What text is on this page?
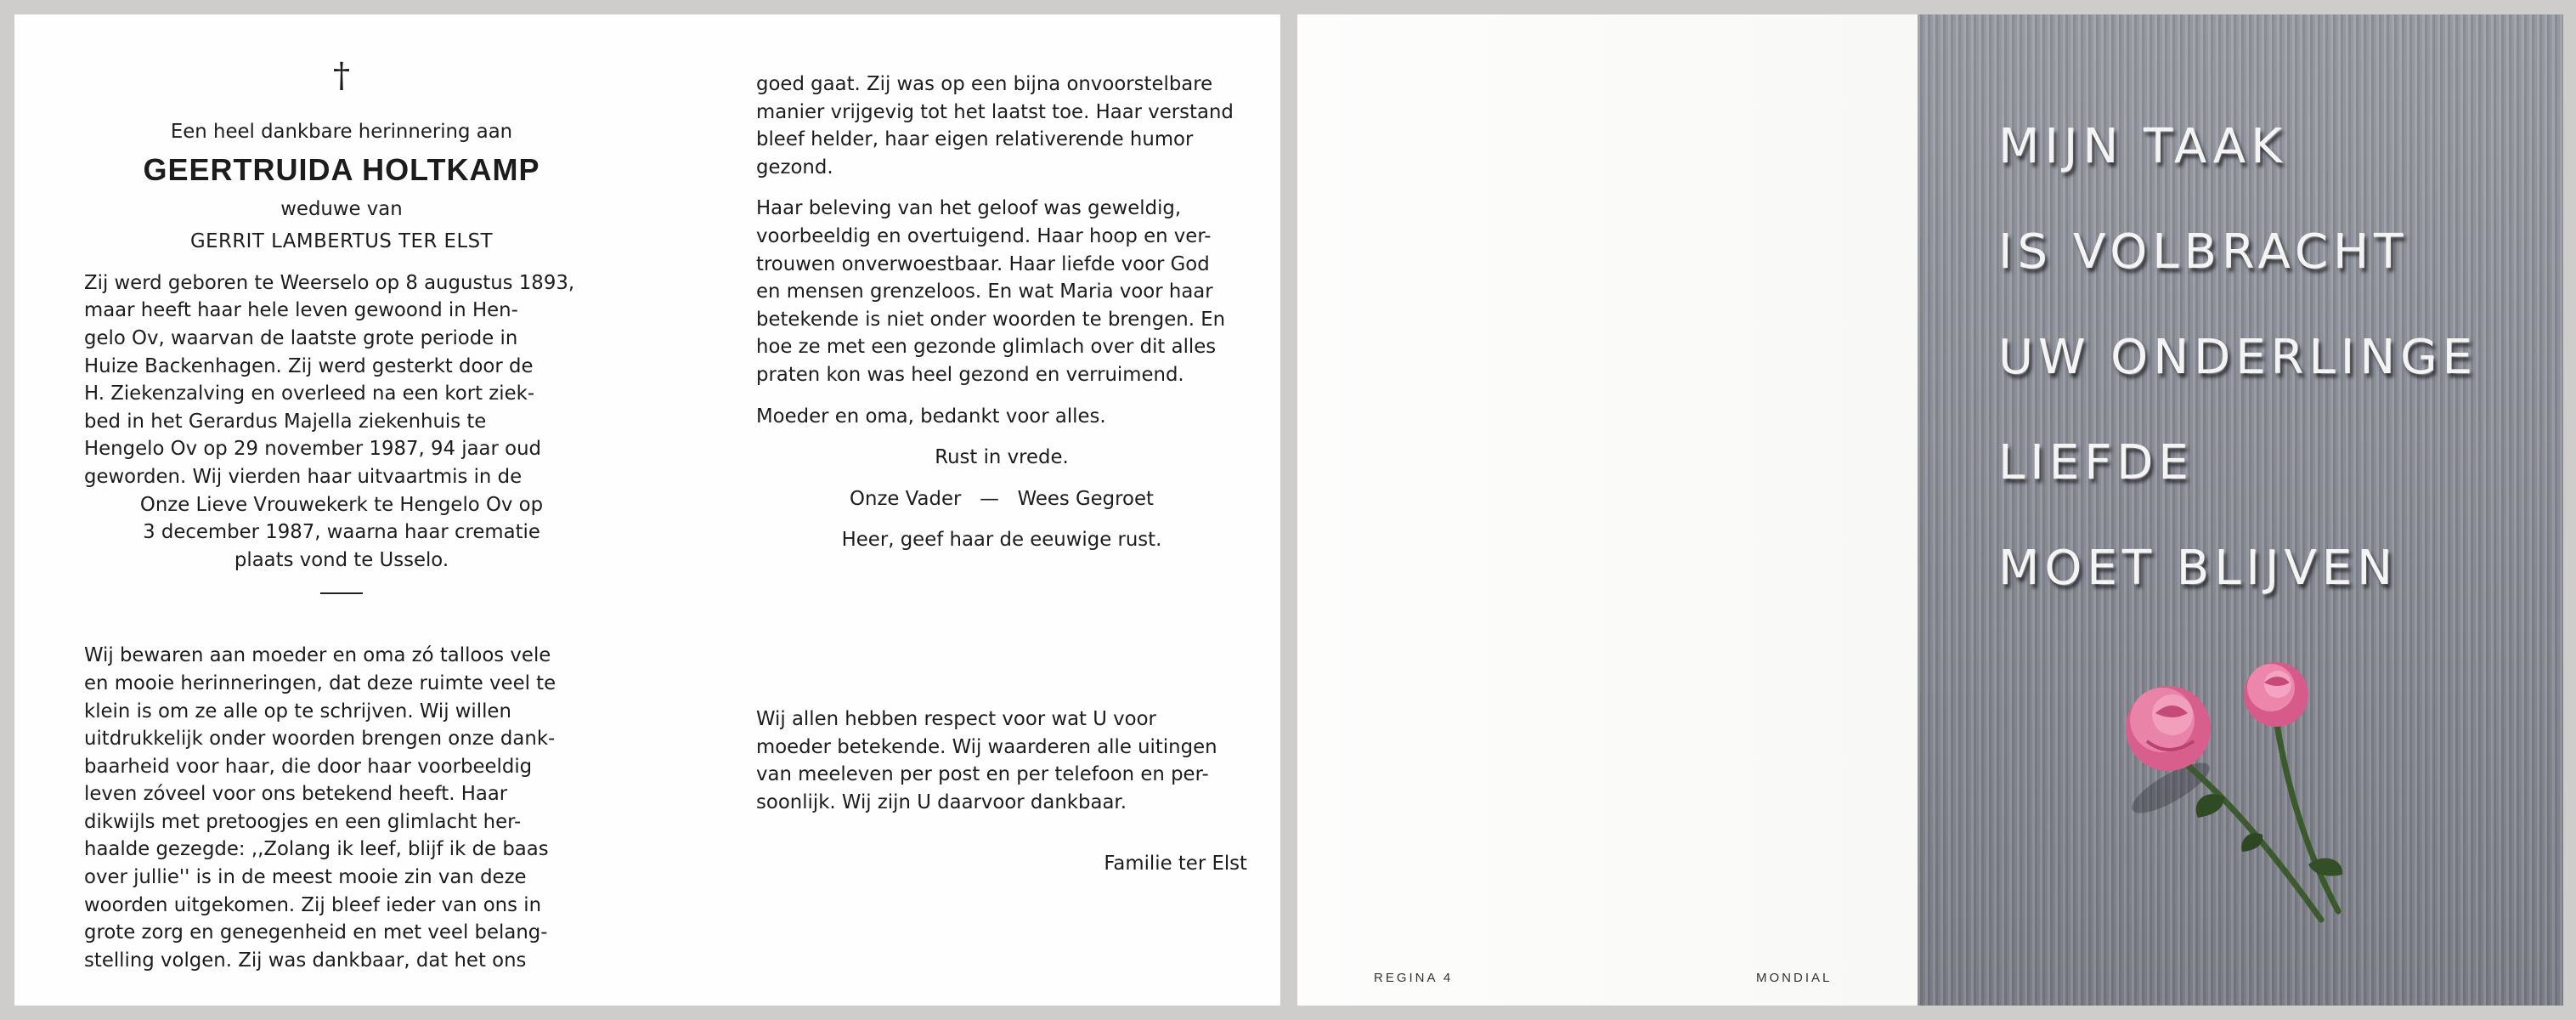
†

Een heel dankbare herinnering aan

GEERTRUIDA HOLTKAMP

weduwe van

GERRIT LAMBERTUS TER ELST

Zij werd geboren te Weerselo op 8 augustus 1893,

maar heeft haar hele leven gewoond in Hen-

gelo Ov, waarvan de laatste grote periode in

Huize Backenhagen. Zij werd gesterkt door de

H. Ziekenzalving en overleed na een kort ziek-

bed in het Gerardus Majella ziekenhuis te

Hengelo Ov op 29 november 1987, 94 jaar oud

geworden. Wij vierden haar uitvaartmis in de

Onze Lieve Vrouwekerk te Hengelo Ov op

3 december 1987, waarna haar crematie

plaats vond te Usselo.

Wij bewaren aan moeder en oma zó talloos vele

en mooie herinneringen, dat deze ruimte veel te

klein is om ze alle op te schrijven. Wij willen

uitdrukkelijk onder woorden brengen onze dank-

baarheid voor haar, die door haar voorbeeldig

leven zóveel voor ons betekend heeft. Haar

dikwijls met pretoogjes en een glimlacht her-

haalde gezegde: ,,Zolang ik leef, blijf ik de baas

over jullie'' is in de meest mooie zin van deze

woorden uitgekomen. Zij bleef ieder van ons in

grote zorg en genegenheid en met veel belang-

stelling volgen. Zij was dankbaar, dat het ons

goed gaat. Zij was op een bijna onvoorstelbare

manier vrijgevig tot het laatst toe. Haar verstand

bleef helder, haar eigen relativerende humor

gezond.

Haar beleving van het geloof was geweldig,

voorbeeldig en overtuigend. Haar hoop en ver-

trouwen onverwoestbaar. Haar liefde voor God

en mensen grenzeloos. En wat Maria voor haar

betekende is niet onder woorden te brengen. En

hoe ze met een gezonde glimlach over dit alles

praten kon was heel gezond en verruimend.

Moeder en oma, bedankt voor alles.

Rust in vrede.

Onze Vader   —   Wees Gegroet

Heer, geef haar de eeuwige rust.

Wij allen hebben respect voor wat U voor

moeder betekende. Wij waarderen alle uitingen

van meeleven per post en per telefoon en per-

soonlijk. Wij zijn U daarvoor dankbaar.

Familie ter Elst

REGINA 4	MONDIAL
MIJN TAAK
IS VOLBRACHT
UW ONDERLINGE
LIEFDE
MOET BLIJVEN
